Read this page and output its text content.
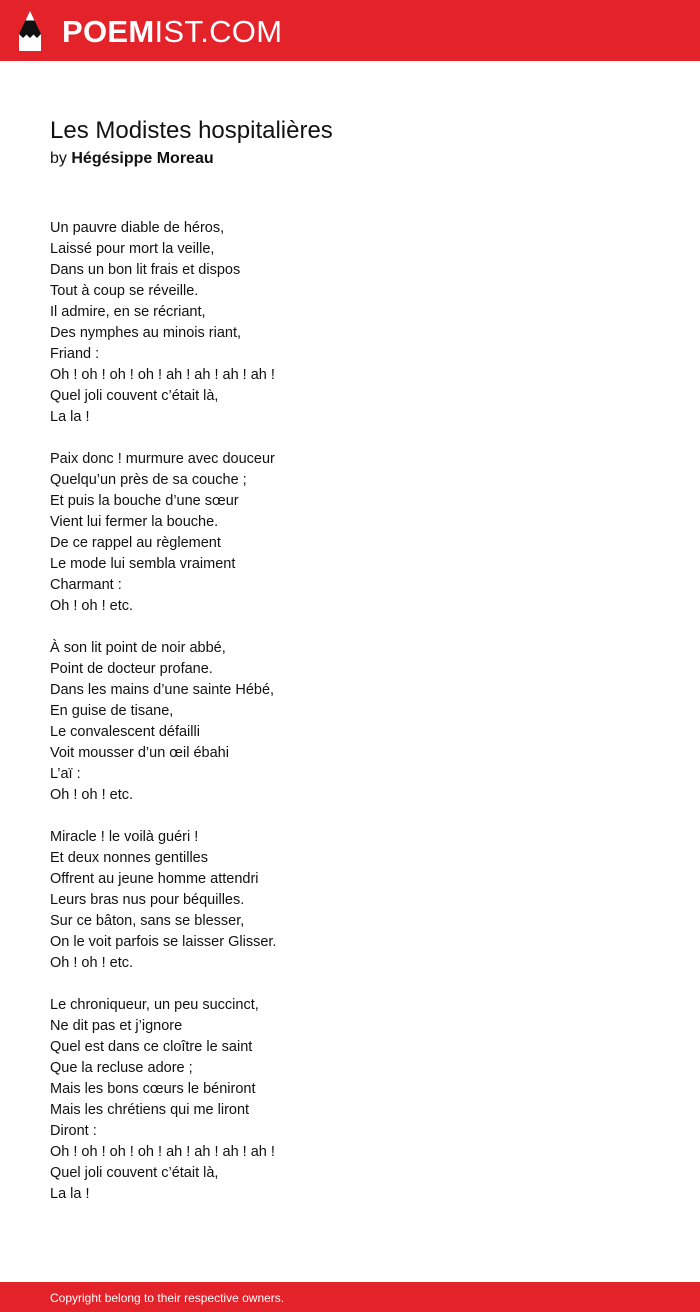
POEMIST.COM
Les Modistes hospitalières
by Hégésippe Moreau
Un pauvre diable de héros,
Laissé pour mort la veille,
Dans un bon lit frais et dispos
Tout à coup se réveille.
Il admire, en se récriant,
Des nymphes au minois riant,
Friand :
Oh ! oh ! oh ! oh ! ah ! ah ! ah ! ah !
Quel joli couvent c’était là,
La la !
Paix donc ! murmure avec douceur
Quelqu’un près de sa couche ;
Et puis la bouche d’une sœur
Vient lui fermer la bouche.
De ce rappel au règlement
Le mode lui sembla vraiment
Charmant :
Oh ! oh ! etc.
À son lit point de noir abbé,
Point de docteur profane.
Dans les mains d’une sainte Hébé,
En guise de tisane,
Le convalescent défailli
Voit mousser d’un œil ébahi
L’aï :
Oh ! oh ! etc.
Miracle ! le voilà guéri !
Et deux nonnes gentilles
Offrent au jeune homme attendri
Leurs bras nus pour béquilles.
Sur ce bâton, sans se blesser,
On le voit parfois se laisser Glisser.
Oh ! oh ! etc.
Le chroniqueur, un peu succinct,
Ne dit pas et j’ignore
Quel est dans ce cloître le saint
Que la recluse adore ;
Mais les bons cœurs le béniront
Mais les chrétiens qui me liront
Diront :
Oh ! oh ! oh ! oh ! ah ! ah ! ah ! ah !
Quel joli couvent c’était là,
La la !
Copyright belong to their respective owners.
